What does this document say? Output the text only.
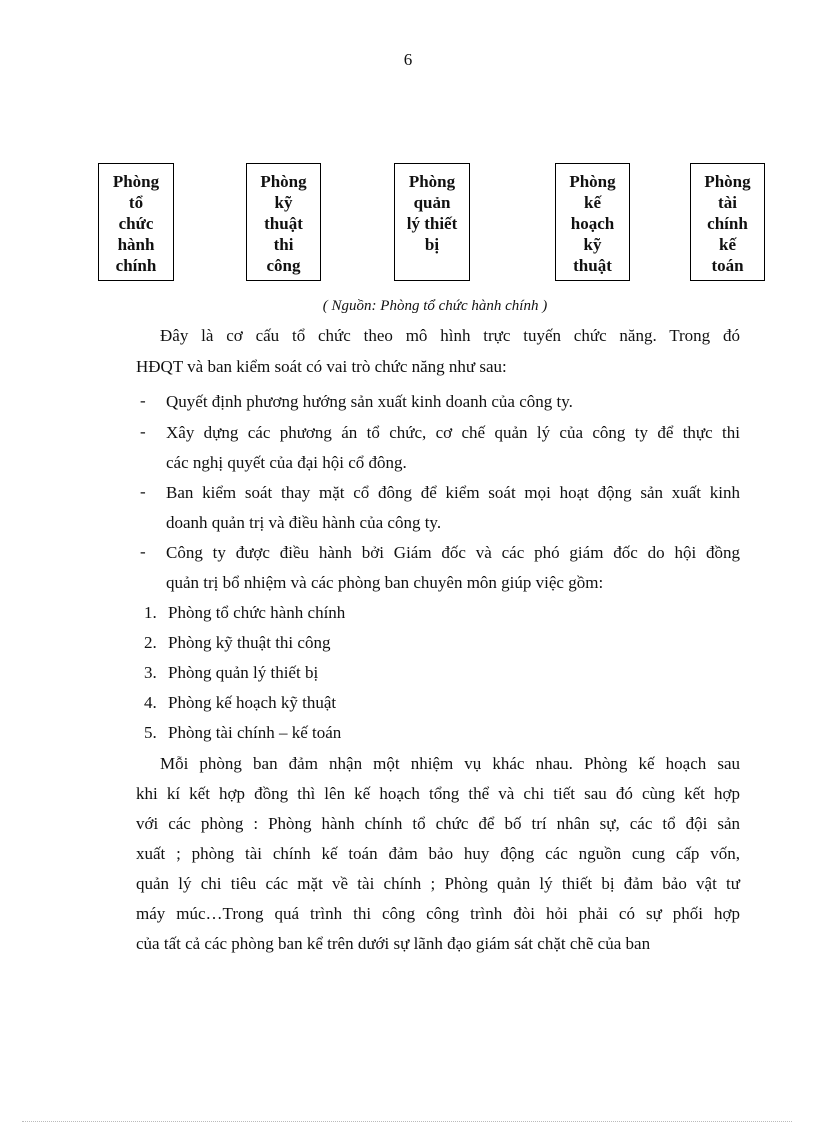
6
Phòng
tổ
chức
hành
chính
Phòng
kỹ
thuật
thi
công
Phòng
quản
lý thiết
bị
Phòng
kế
hoạch
kỹ
thuật
Phòng
tài
chính
kế
toán
( Nguồn: Phòng tổ chức hành chính )
Đây là cơ cấu tổ chức theo mô hình trực tuyến chức năng. Trong đó
HĐQT và ban kiểm soát có vai trò chức năng như sau:
- Quyết định phương hướng sản xuất kinh doanh của công ty.
- Xây dựng các phương án tổ chức, cơ chế quản lý của công ty để thực thi
các nghị quyết của đại hội cổ đông.
- Ban kiểm soát thay mặt cổ đông để kiểm soát mọi hoạt động sản xuất kinh
doanh quản trị và điều hành của công ty.
- Công ty được điều hành bởi Giám đốc và các phó giám đốc do hội đồng
quản trị bổ nhiệm và các phòng ban chuyên môn giúp việc gồm:
1. Phòng tổ chức hành chính
2. Phòng kỹ thuật thi công
3. Phòng quản lý thiết bị
4. Phòng kế hoạch kỹ thuật
5. Phòng tài chính – kế toán
Mỗi phòng ban đảm nhận một nhiệm vụ khác nhau. Phòng kế hoạch sau
khi kí kết hợp đồng thì lên kế hoạch tổng thể và chi tiết sau đó cùng kết hợp
với các phòng : Phòng hành chính tổ chức để bố trí nhân sự, các tổ đội sản
xuất ; phòng tài chính kế toán đảm bảo huy động các nguồn cung cấp vốn,
quản lý chi tiêu các mặt về tài chính ; Phòng quản lý thiết bị đảm bảo vật tư
máy múc…Trong quá trình thi công công trình đòi hỏi phải có sự phối hợp
của tất cả các phòng ban kể trên dưới sự lãnh đạo giám sát chặt chẽ của ban
